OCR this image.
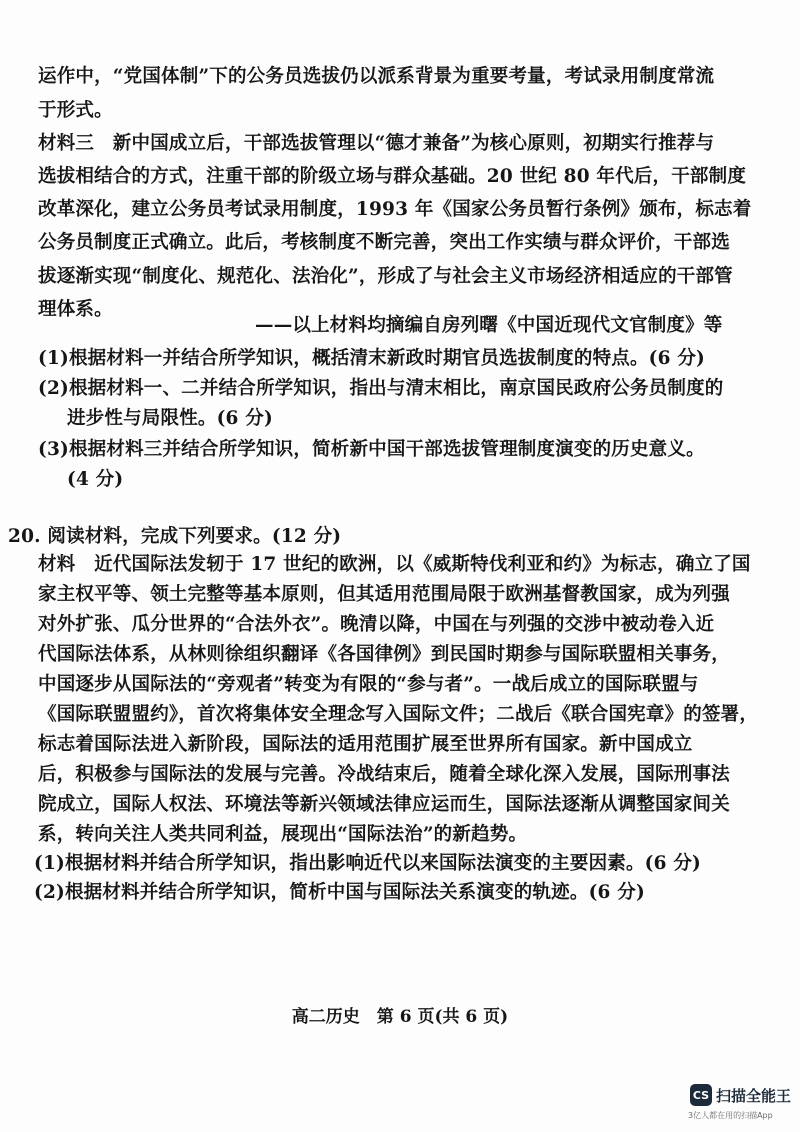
运作中，“党国体制”下的公务员选拔仍以派系背景为重要考量，考试录用制度常流
于形式。
材料三　新中国成立后，干部选拔管理以“德才兼备”为核心原则，初期实行推荐与
选拔相结合的方式，注重干部的阶级立场与群众基础。20 世纪 80 年代后，干部制度
改革深化，建立公务员考试录用制度，1993 年《国家公务员暂行条例》颁布，标志着
公务员制度正式确立。此后，考核制度不断完善，突出工作实绩与群众评价，干部选
拔逐渐实现“制度化、规范化、法治化”，形成了与社会主义市场经济相适应的干部管
理体系。
——以上材料均摘编自房列曙《中国近现代文官制度》等
(1)根据材料一并结合所学知识，概括清末新政时期官员选拔制度的特点。(6 分)
(2)根据材料一、二并结合所学知识，指出与清末相比，南京国民政府公务员制度的
进步性与局限性。(6 分)
(3)根据材料三并结合所学知识，简析新中国干部选拔管理制度演变的历史意义。
(4 分)
20. 阅读材料，完成下列要求。(12 分)
材料　近代国际法发轫于 17 世纪的欧洲，以《威斯特伐利亚和约》为标志，确立了国
家主权平等、领土完整等基本原则，但其适用范围局限于欧洲基督教国家，成为列强
对外扩张、瓜分世界的“合法外衣”。晚清以降，中国在与列强的交涉中被动卷入近
代国际法体系，从林则徐组织翻译《各国律例》到民国时期参与国际联盟相关事务，
中国逐步从国际法的“旁观者”转变为有限的“参与者”。一战后成立的国际联盟与
《国际联盟盟约》，首次将集体安全理念写入国际文件；二战后《联合国宪章》的签署，
标志着国际法进入新阶段，国际法的适用范围扩展至世界所有国家。新中国成立
后，积极参与国际法的发展与完善。冷战结束后，随着全球化深入发展，国际刑事法
院成立，国际人权法、环境法等新兴领域法律应运而生，国际法逐渐从调整国家间关
系，转向关注人类共同利益，展现出“国际法治”的新趋势。
(1)根据材料并结合所学知识，指出影响近代以来国际法演变的主要因素。(6 分)
(2)根据材料并结合所学知识，简析中国与国际法关系演变的轨迹。(6 分)
高二历史　第 6 页(共 6 页)
CS 扫描全能王
3亿人都在用的扫描App
